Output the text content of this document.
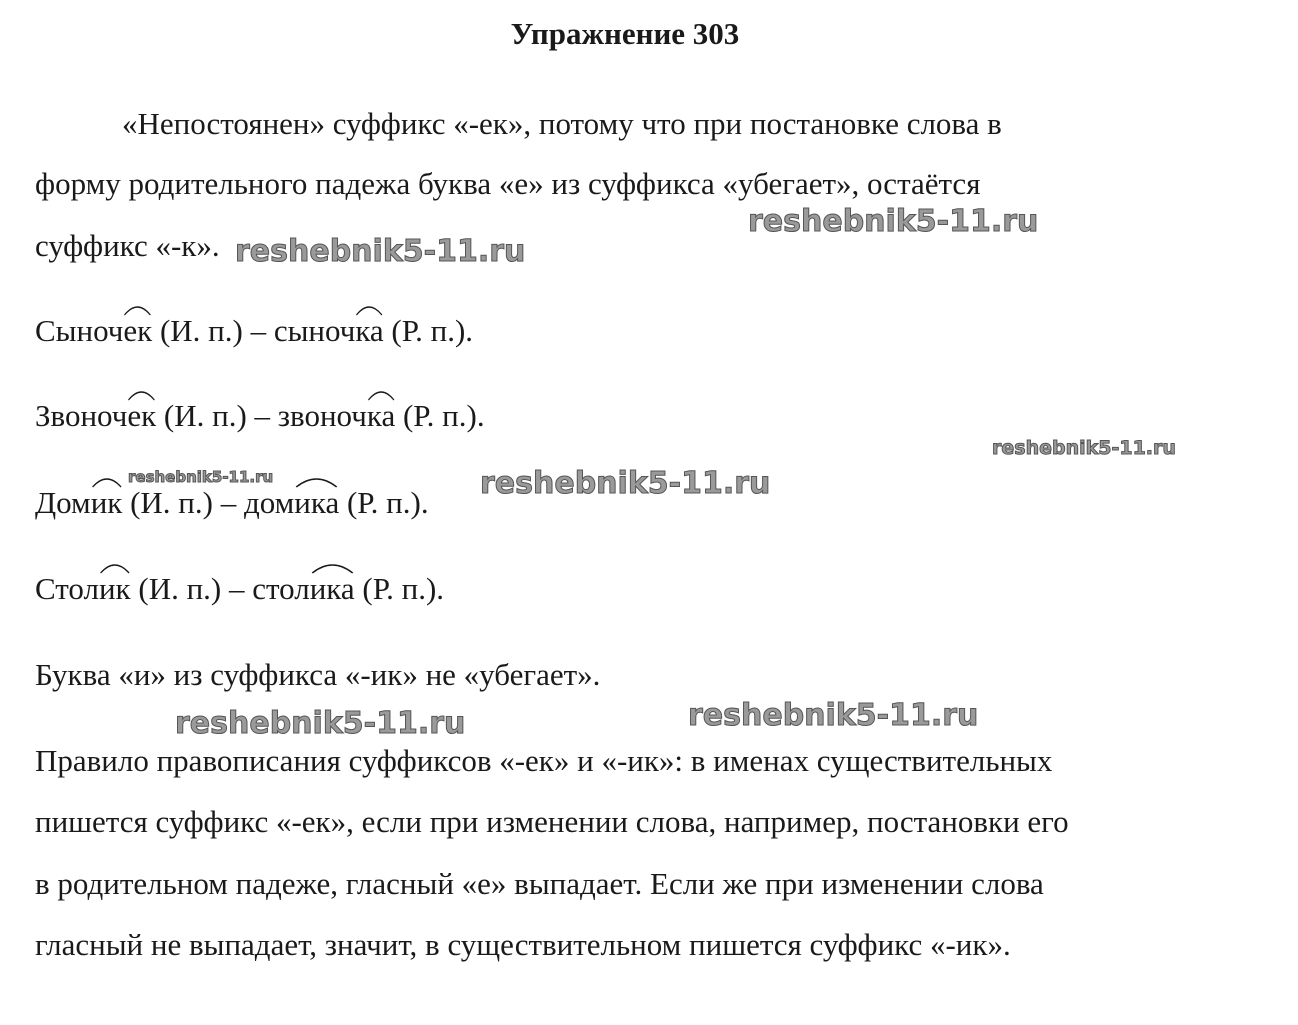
Упражнение 303
«Непостоянен» суффикс «-ек», потому что при постановке слова в
форму родительного падежа буква «е» из суффикса «убегает», остаётся
суффикс «-к».
Сыноч
ек (И. п.) – сыноч
ка (Р. п.).
Звоноч
ек (И. п.) – звоноч
ка (Р. п.).
Дом
ик (И. п.) – дом
ика (Р. п.).
Стол
ик (И. п.) – стол
ика (Р. п.).
Буква «и» из суффикса «-ик» не «убегает».
Правило правописания суффиксов «-ек» и «-ик»: в именах существительных
пишется суффикс «-ек», если при изменении слова, например, постановки его
в родительном падеже, гласный «е» выпадает. Если же при изменении слова
гласный не выпадает, значит, в существительном пишется суффикс «-ик».
reshebnik5-11.ru
reshebnik5-11.ru
reshebnik5-11.ru
reshebnik5-11.ru	reshebnik5-11.ru
reshebnik5-11.ru	reshebnik5-11.ru
